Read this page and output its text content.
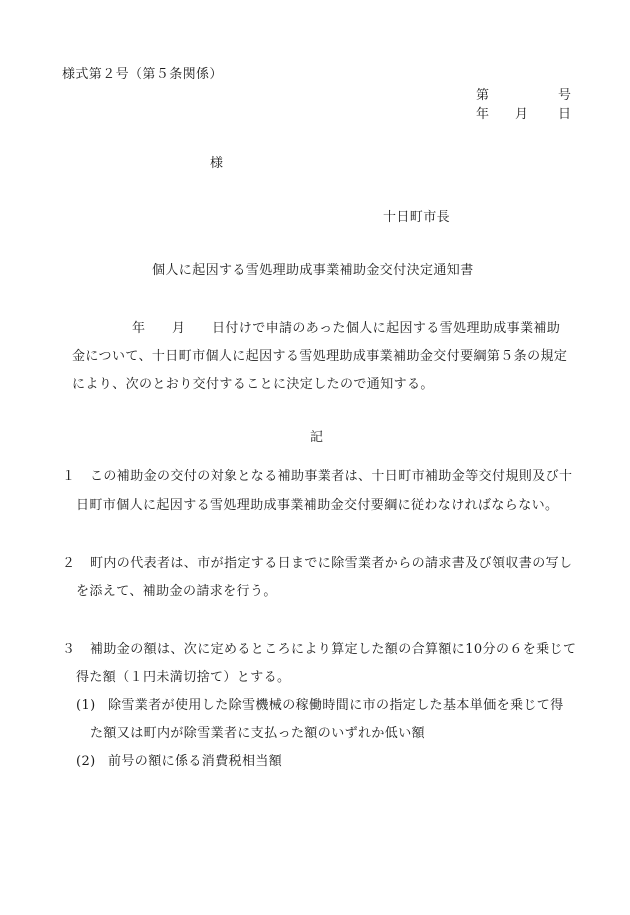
様式第２号（第５条関係）
第	号
年 月 日
様
十日町市長
個人に起因する雪処理助成事業補助金交付決定通知書
年 月 日付けで申請のあった個人に起因する雪処理助成事業補助
金について、十日町市個人に起因する雪処理助成事業補助金交付要綱第５条の規定
により、次のとおり交付することに決定したので通知する。
記
１ この補助金の交付の対象となる補助事業者は、十日町市補助金等交付規則及び十
日町市個人に起因する雪処理助成事業補助金交付要綱に従わなければならない。
２ 町内の代表者は、市が指定する日までに除雪業者からの請求書及び領収書の写し
を添えて、補助金の請求を行う。
３ 補助金の額は、次に定めるところにより算定した額の合算額に10分の６を乗じて
得た額（１円未満切捨て）とする。
(1) 除雪業者が使用した除雪機械の稼働時間に市の指定した基本単価を乗じて得
た額又は町内が除雪業者に支払った額のいずれか低い額
(2) 前号の額に係る消費税相当額
